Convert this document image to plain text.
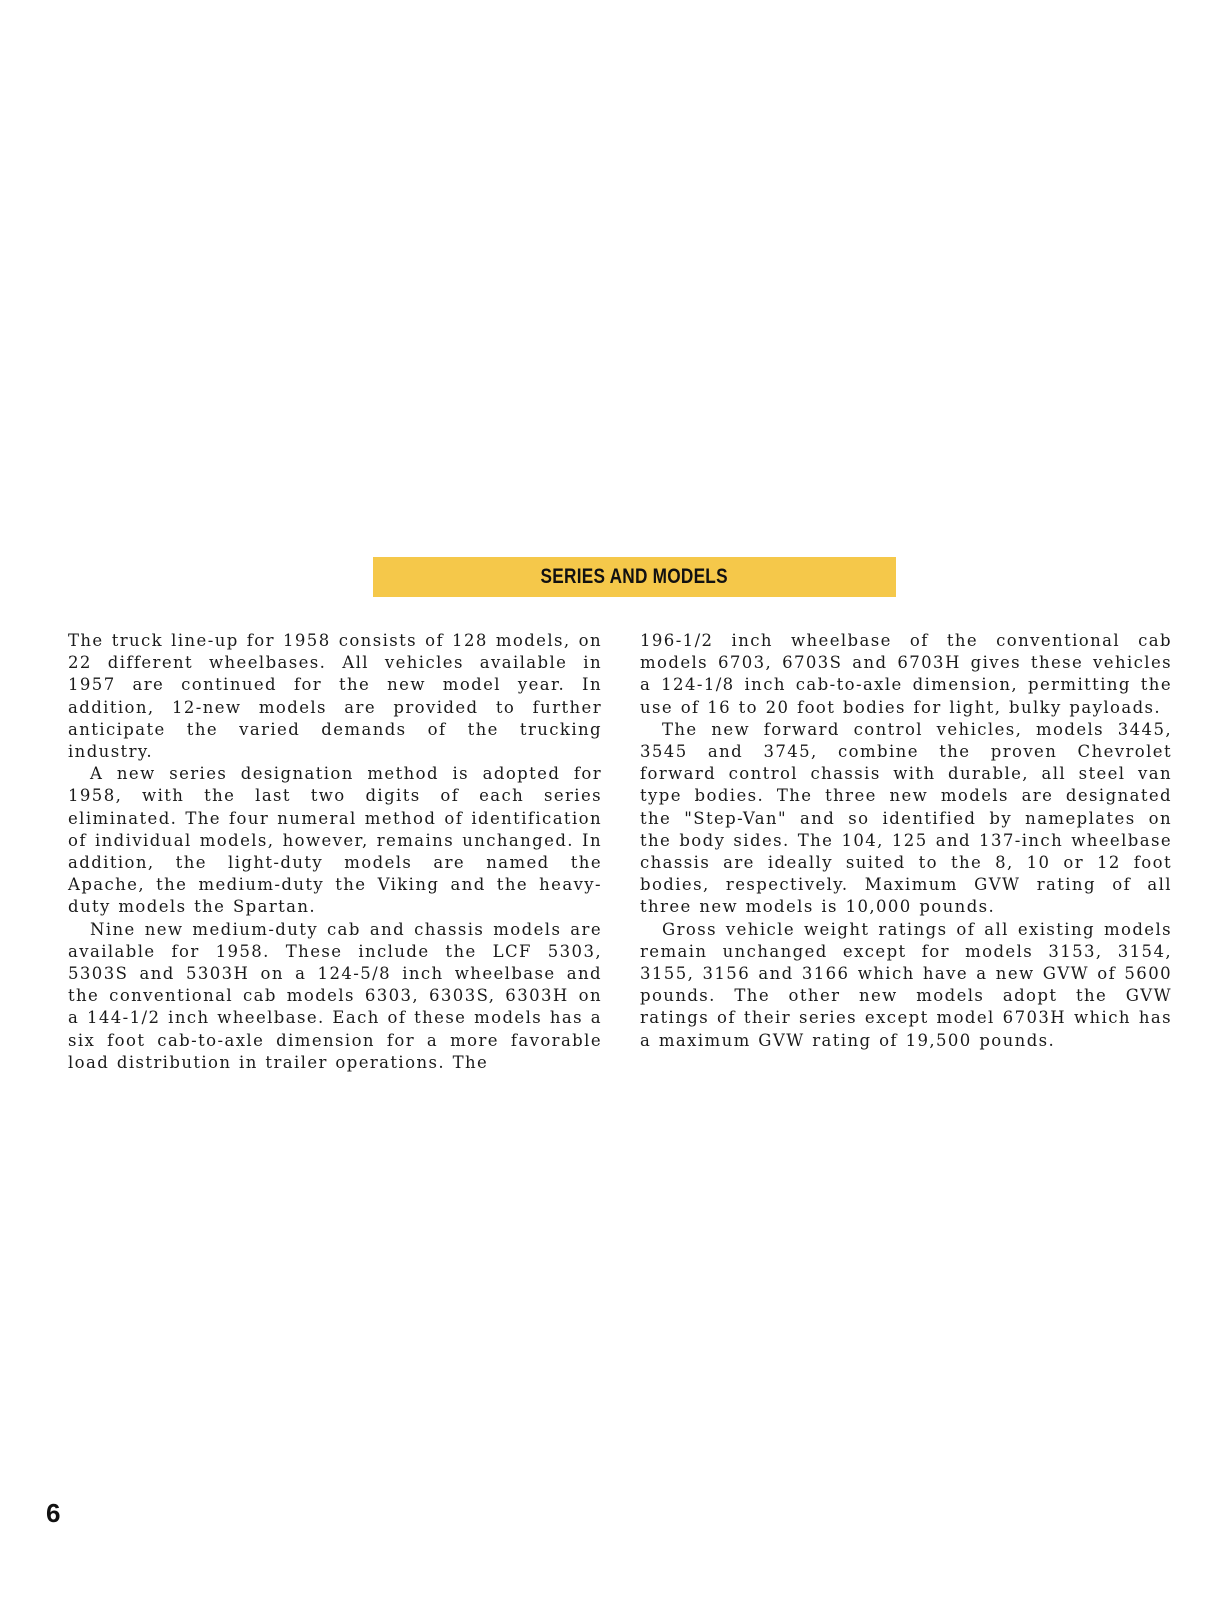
SERIES AND MODELS

The truck line-up for 1958 consists of 128 models, on 22 different wheelbases. All vehicles available in 1957 are continued for the new model year. In addition, 12-new models are provided to further anticipate the varied demands of the trucking industry.

A new series designation method is adopted for 1958, with the last two digits of each series eliminated. The four numeral method of identification of individual models, however, remains unchanged. In addition, the light-duty models are named the Apache, the medium-duty the Viking and the heavy-duty models the Spartan.

Nine new medium-duty cab and chassis models are available for 1958. These include the LCF 5303, 5303S and 5303H on a 124-5/8 inch wheelbase and the conventional cab models 6303, 6303S, 6303H on a 144-1/2 inch wheelbase. Each of these models has a six foot cab-to-axle dimension for a more favorable load distribution in trailer operations. The

196-1/2 inch wheelbase of the conventional cab models 6703, 6703S and 6703H gives these vehicles a 124-1/8 inch cab-to-axle dimension, permitting the use of 16 to 20 foot bodies for light, bulky payloads.

The new forward control vehicles, models 3445, 3545 and 3745, combine the proven Chevrolet forward control chassis with durable, all steel van type bodies. The three new models are designated the "Step-Van" and so identified by nameplates on the body sides. The 104, 125 and 137-inch wheelbase chassis are ideally suited to the 8, 10 or 12 foot bodies, respectively. Maximum GVW rating of all three new models is 10,000 pounds.

Gross vehicle weight ratings of all existing models remain unchanged except for models 3153, 3154, 3155, 3156 and 3166 which have a new GVW of 5600 pounds. The other new models adopt the GVW ratings of their series except model 6703H which has a maximum GVW rating of 19,500 pounds.

6
